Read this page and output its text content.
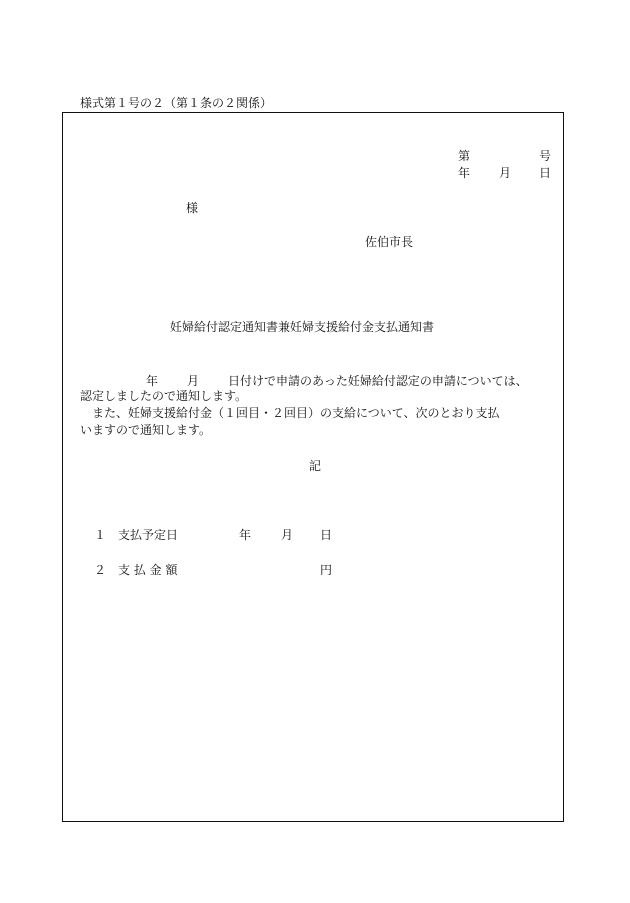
様式第１号の２（第１条の２関係）
第	号
年 月 日
様
佐伯市長
妊婦給付認定通知書兼妊婦支援給付金支払通知書
年 月 日付けで申請のあった妊婦給付認定の申請については、
認定しましたので通知します。
　また、妊婦支援給付金（１回目・２回目）の支給について、次のとおり支払
いますので通知します。
記
１ 支払予定日	年 月 日
２ 支 払 金 額	円
